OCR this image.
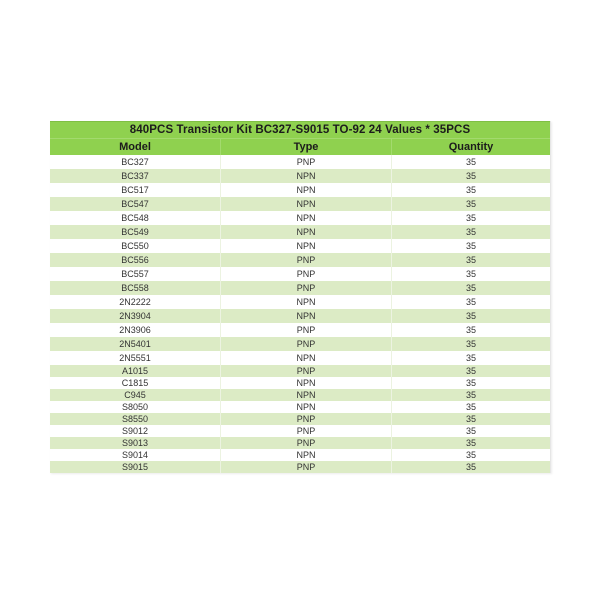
840PCS Transistor Kit BC327-S9015 TO-92 24 Values * 35PCS
Model	Type	Quantity
BC327	PNP	35
BC337	NPN	35
BC517	NPN	35
BC547	NPN	35
BC548	NPN	35
BC549	NPN	35
BC550	NPN	35
BC556	PNP	35
BC557	PNP	35
BC558	PNP	35
2N2222	NPN	35
2N3904	NPN	35
2N3906	PNP	35
2N5401	PNP	35
2N5551	NPN	35
A1015	PNP	35
C1815	NPN	35
C945	NPN	35
S8050	NPN	35
S8550	PNP	35
S9012	PNP	35
S9013	PNP	35
S9014	NPN	35
S9015	PNP	35
